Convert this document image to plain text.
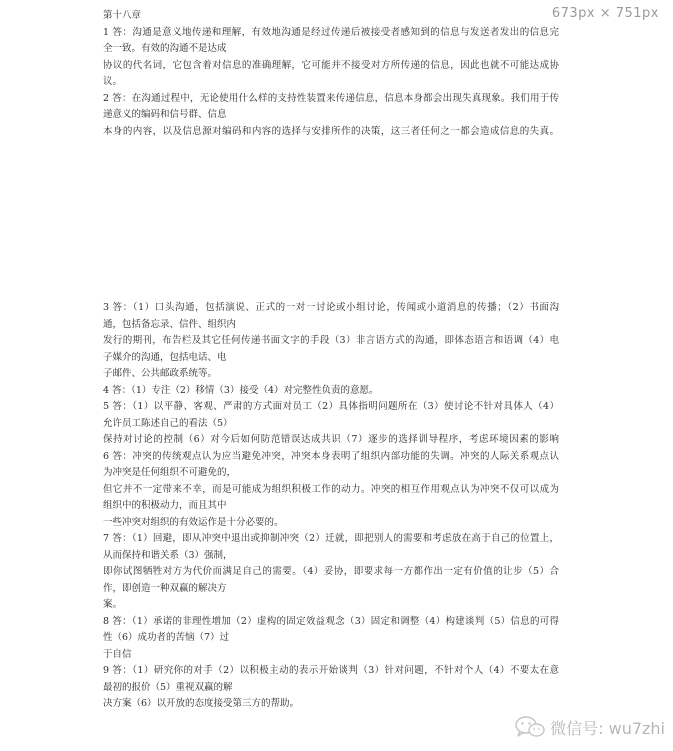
673px × 751px

第十八章

1 答：沟通是意义地传递和理解，有效地沟通是经过传递后被接受者感知到的信息与发送者发出的信息完

全一致。有效的沟通不是达成

协议的代名词，它包含着对信息的准确理解，它可能并不接受对方所传递的信息，因此也就不可能达成协

议。

2 答：在沟通过程中，无论使用什么样的支持性装置来传递信息，信息本身都会出现失真现象。我们用于传

递意义的编码和信号群、信息

本身的内容，以及信息源对编码和内容的选择与安排所作的决策，这三者任何之一都会造成信息的失真。

3 答：（1）口头沟通，包括演说、正式的一对一讨论或小组讨论，传闻或小道消息的传播；（2）书面沟

通，包括备忘录、信件、组织内

发行的期刊，布告栏及其它任何传递书面文字的手段（3）非言语方式的沟通，即体态语言和语调（4）电

子媒介的沟通，包括电话、电

子邮件、公共邮政系统等。

4 答：（1）专注（2）移情（3）接受（4）对完整性负责的意愿。

5 答：（1）以平静、客观、严肃的方式面对员工（2）具体指明问题所在（3）使讨论不针对具体人（4）

允许员工陈述自己的看法（5）

保持对讨论的控制（6）对今后如何防范错误达成共识（7）逐步的选择训导程序，考虑环境因素的影响

6 答：冲突的传统观点认为应当避免冲突，冲突本身表明了组织内部功能的失调。冲突的人际关系观点认

为冲突是任何组织不可避免的，

但它并不一定带来不幸，而是可能成为组织积极工作的动力。冲突的相互作用观点认为冲突不仅可以成为

组织中的积极动力，而且其中

一些冲突对组织的有效运作是十分必要的。

7 答：（1）回避，即从冲突中退出或抑制冲突（2）迁就，即把别人的需要和考虑放在高于自己的位置上，

从而保持和谐关系（3）强制，

即你试图牺牲对方为代价而满足自己的需要。（4）妥协，即要求每一方都作出一定有价值的让步（5）合

作，即创造一种双赢的解决方

案。

8 答：（1）承诺的非理性增加（2）虚构的固定效益观念（3）固定和调整（4）构建谈判（5）信息的可得

性（6）成功者的苦恼（7）过

于自信

9 答：（1）研究你的对手（2）以积极主动的表示开始谈判（3）针对问题，不针对个人（4）不要太在意

最初的报价（5）重视双赢的解

决方案（6）以开放的态度接受第三方的帮助。

微信号: wu7zhi
